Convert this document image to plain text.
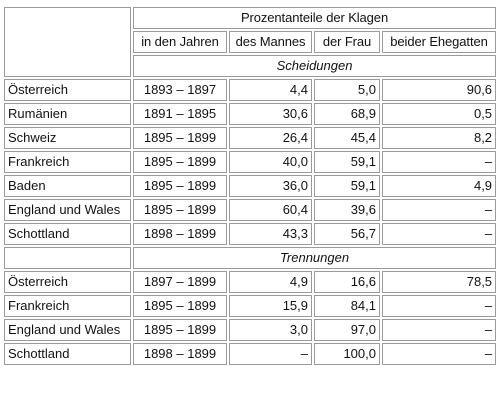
	Prozentanteile der Klagen			
	in den Jahren	des Mannes	der Frau	beider Ehegatten
	Scheidungen			
Österreich	1893 – 1897	4,4	5,0	90,6
Rumänien	1891 – 1895	30,6	68,9	0,5
Schweiz	1895 – 1899	26,4	45,4	8,2
Frankreich	1895 – 1899	40,0	59,1	–
Baden	1895 – 1899	36,0	59,1	4,9
England und Wales	1895 – 1899	60,4	39,6	–
Schottland	1898 – 1899	43,3	56,7	–
	Trennungen			
Österreich	1897 – 1899	4,9	16,6	78,5
Frankreich	1895 – 1899	15,9	84,1	–
England und Wales	1895 – 1899	3,0	97,0	–
Schottland	1898 – 1899	–	100,0	–
